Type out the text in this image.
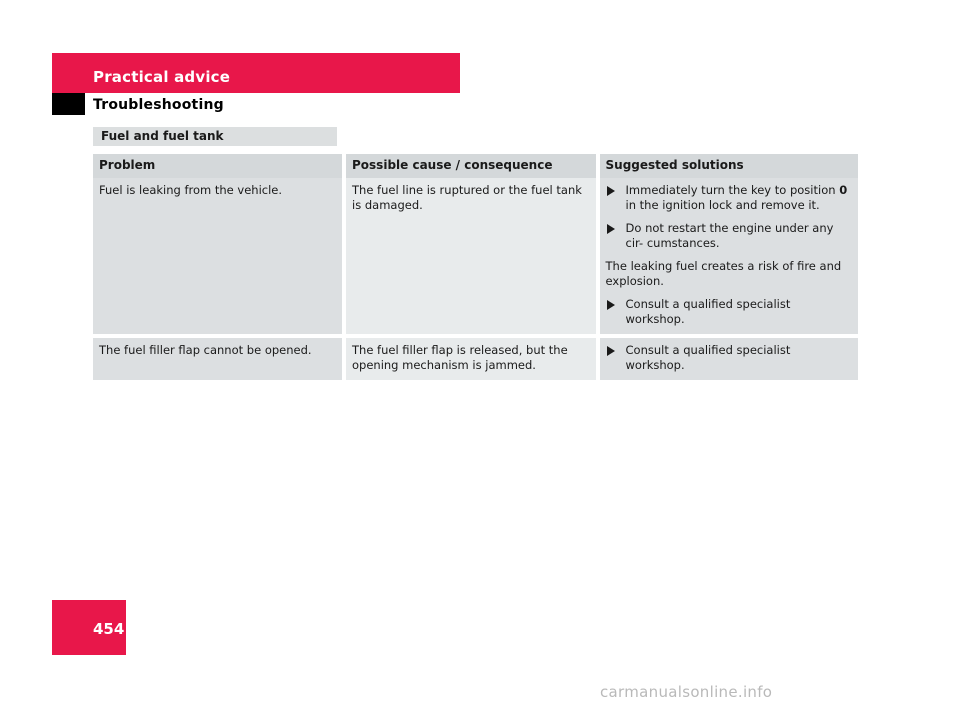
Practical advice
Troubleshooting
Fuel and fuel tank
Problem	Possible cause / consequence	Suggested solutions
Fuel is leaking from the vehicle.	The fuel line is ruptured or the fuel tank is damaged.	Immediately turn the key to position 0 in the ignition lock and remove it.
Do not restart the engine under any cir- cumstances.
The leaking fuel creates a risk of fire and explosion.
Consult a qualified specialist workshop.

The fuel filler flap cannot be opened.	The fuel filler flap is released, but the opening mechanism is jammed.	Consult a qualified specialist workshop.
454
carmanualsonline.info
